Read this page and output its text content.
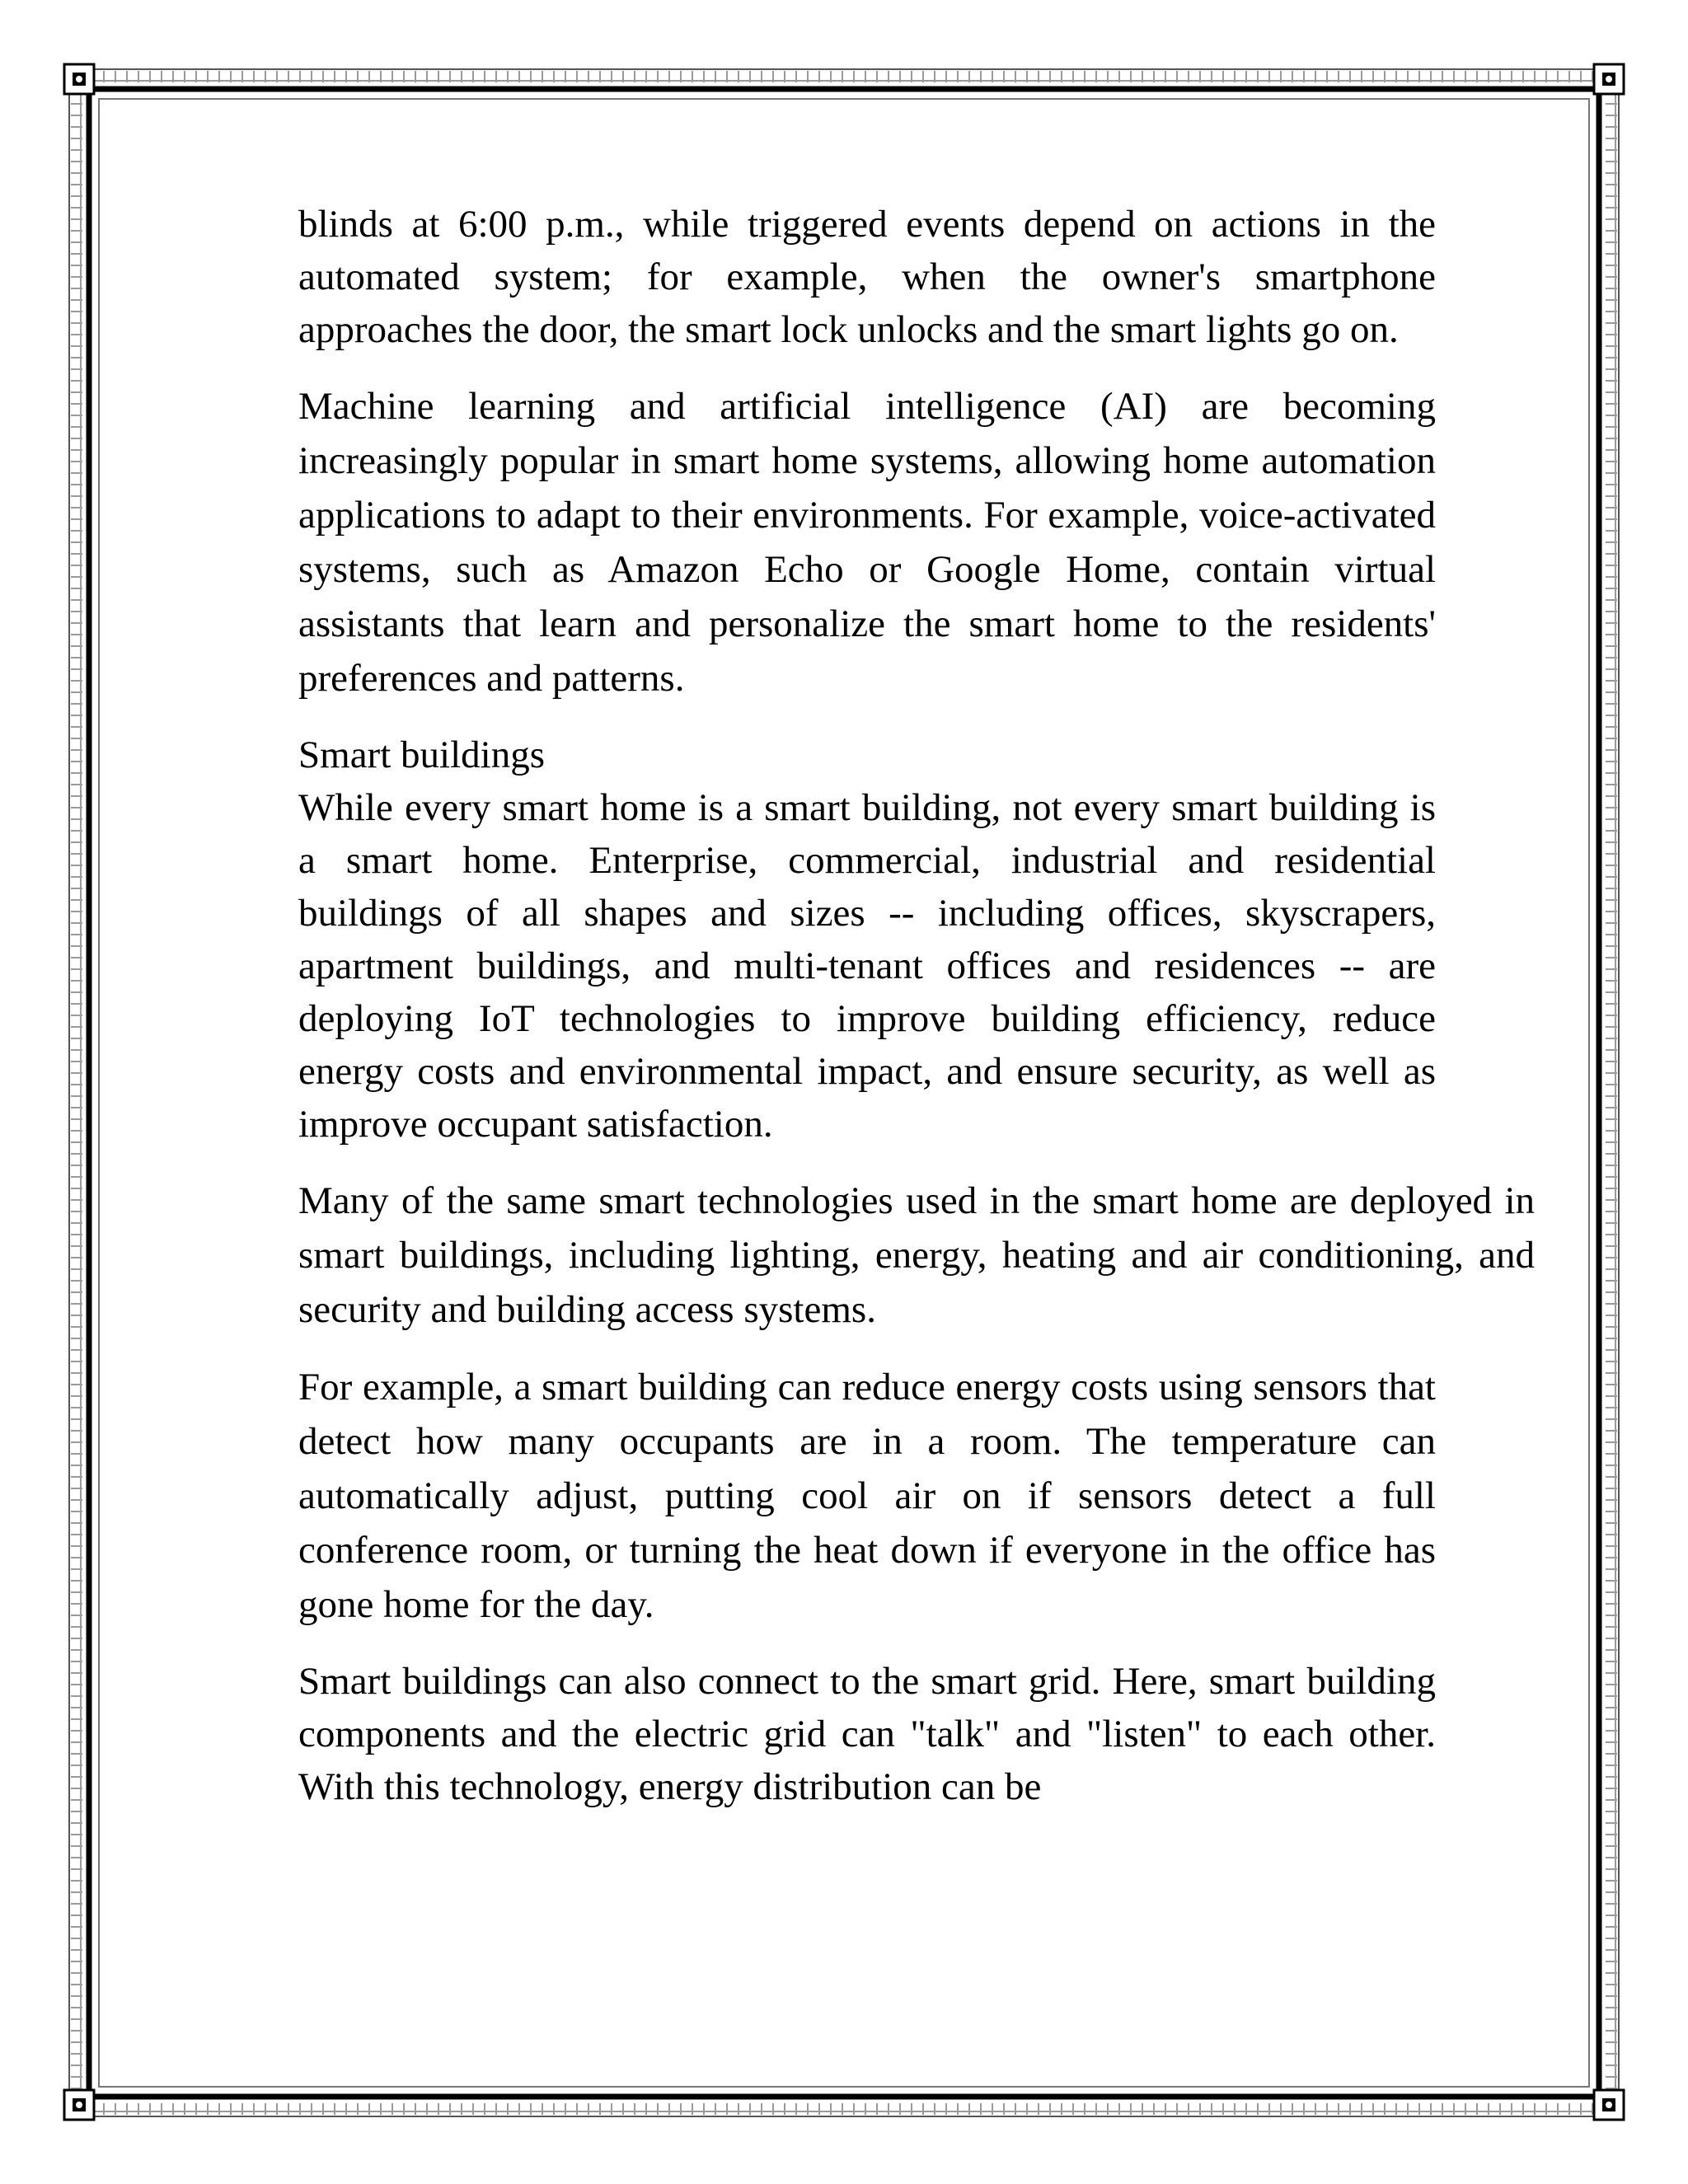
blinds at 6:00 p.m., while triggered events depend on actions in the automated system; for example, when the owner's smartphone approaches the door, the smart lock unlocks and the smart lights go on.

Machine learning and artificial intelligence (AI) are becoming increasingly popular in smart home systems, allowing home automation applications to adapt to their environments. For example, voice-activated systems, such as Amazon Echo or Google Home, contain virtual assistants that learn and personalize the smart home to the residents' preferences and patterns.

Smart buildings

While every smart home is a smart building, not every smart building is a smart home. Enterprise, commercial, industrial and residential buildings of all shapes and sizes -- including offices, skyscrapers, apartment buildings, and multi-tenant offices and residences -- are deploying IoT technologies to improve building efficiency, reduce energy costs and environmental impact, and ensure security, as well as improve occupant satisfaction.

Many of the same smart technologies used in the smart home are deployed in smart buildings, including lighting, energy, heating and air conditioning, and security and building access systems.

For example, a smart building can reduce energy costs using sensors that detect how many occupants are in a room. The temperature can automatically adjust, putting cool air on if sensors detect a full conference room, or turning the heat down if everyone in the office has gone home for the day.

Smart buildings can also connect to the smart grid. Here, smart building components and the electric grid can "talk" and "listen" to each other. With this technology, energy distribution can be
